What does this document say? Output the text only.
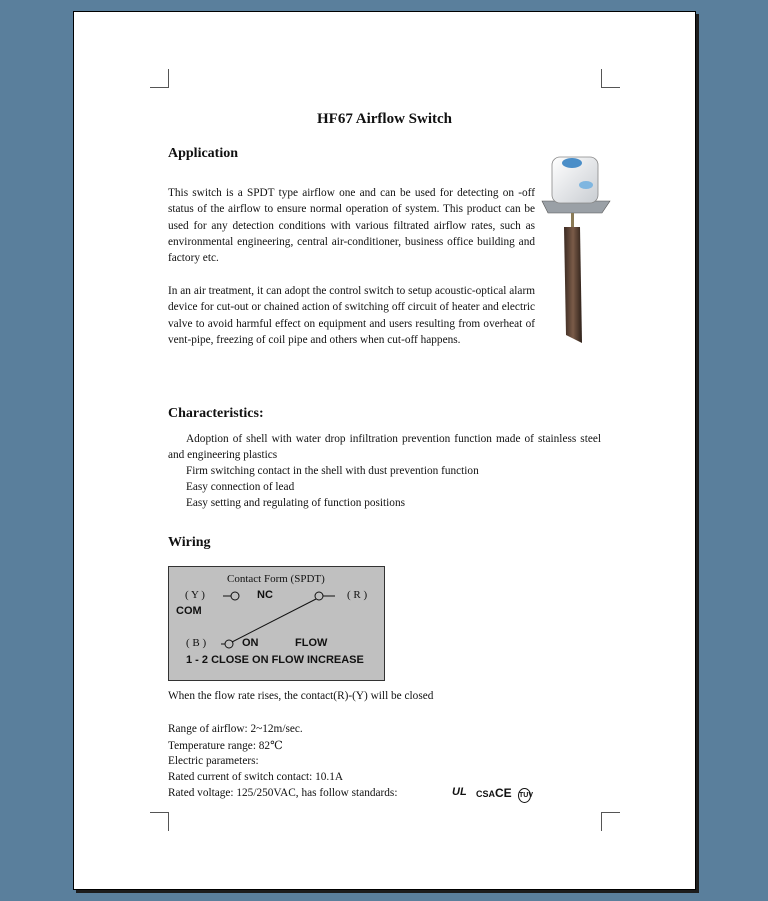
HF67 Airflow Switch
Application
This switch is a SPDT type airflow one and can be used for detecting on -off status of the airflow to ensure normal operation of system. This product can be used for any detection conditions with various filtrated airflow rates, such as environmental engineering, central air-conditioner, business office building and factory etc.
In an air treatment, it can adopt the control switch to setup acoustic-optical alarm device for cut-out or chained action of switching off circuit of heater and electric valve to avoid harmful effect on equipment and users resulting from overheat of vent-pipe, freezing of coil pipe and others when cut-off happens.
Characteristics:
Adoption of shell with water drop infiltration prevention function made of stainless steel and engineering plastics
Firm switching contact in the shell with dust prevention function
Easy connection of lead
Easy setting and regulating of function positions
Wiring
Contact Form (SPDT)
( Y )	NC	( R )
COM
( B )	ON	FLOW
1 - 2 CLOSE ON FLOW INCREASE
When the flow rate rises, the contact(R)-(Y) will be closed
Range of airflow: 2~12m/sec.
Temperature range: 82℃
Electric parameters:
Rated current of switch contact: 10.1A
Rated voltage: 125/250VAC, has follow standards:	UL CSA CE TUV
